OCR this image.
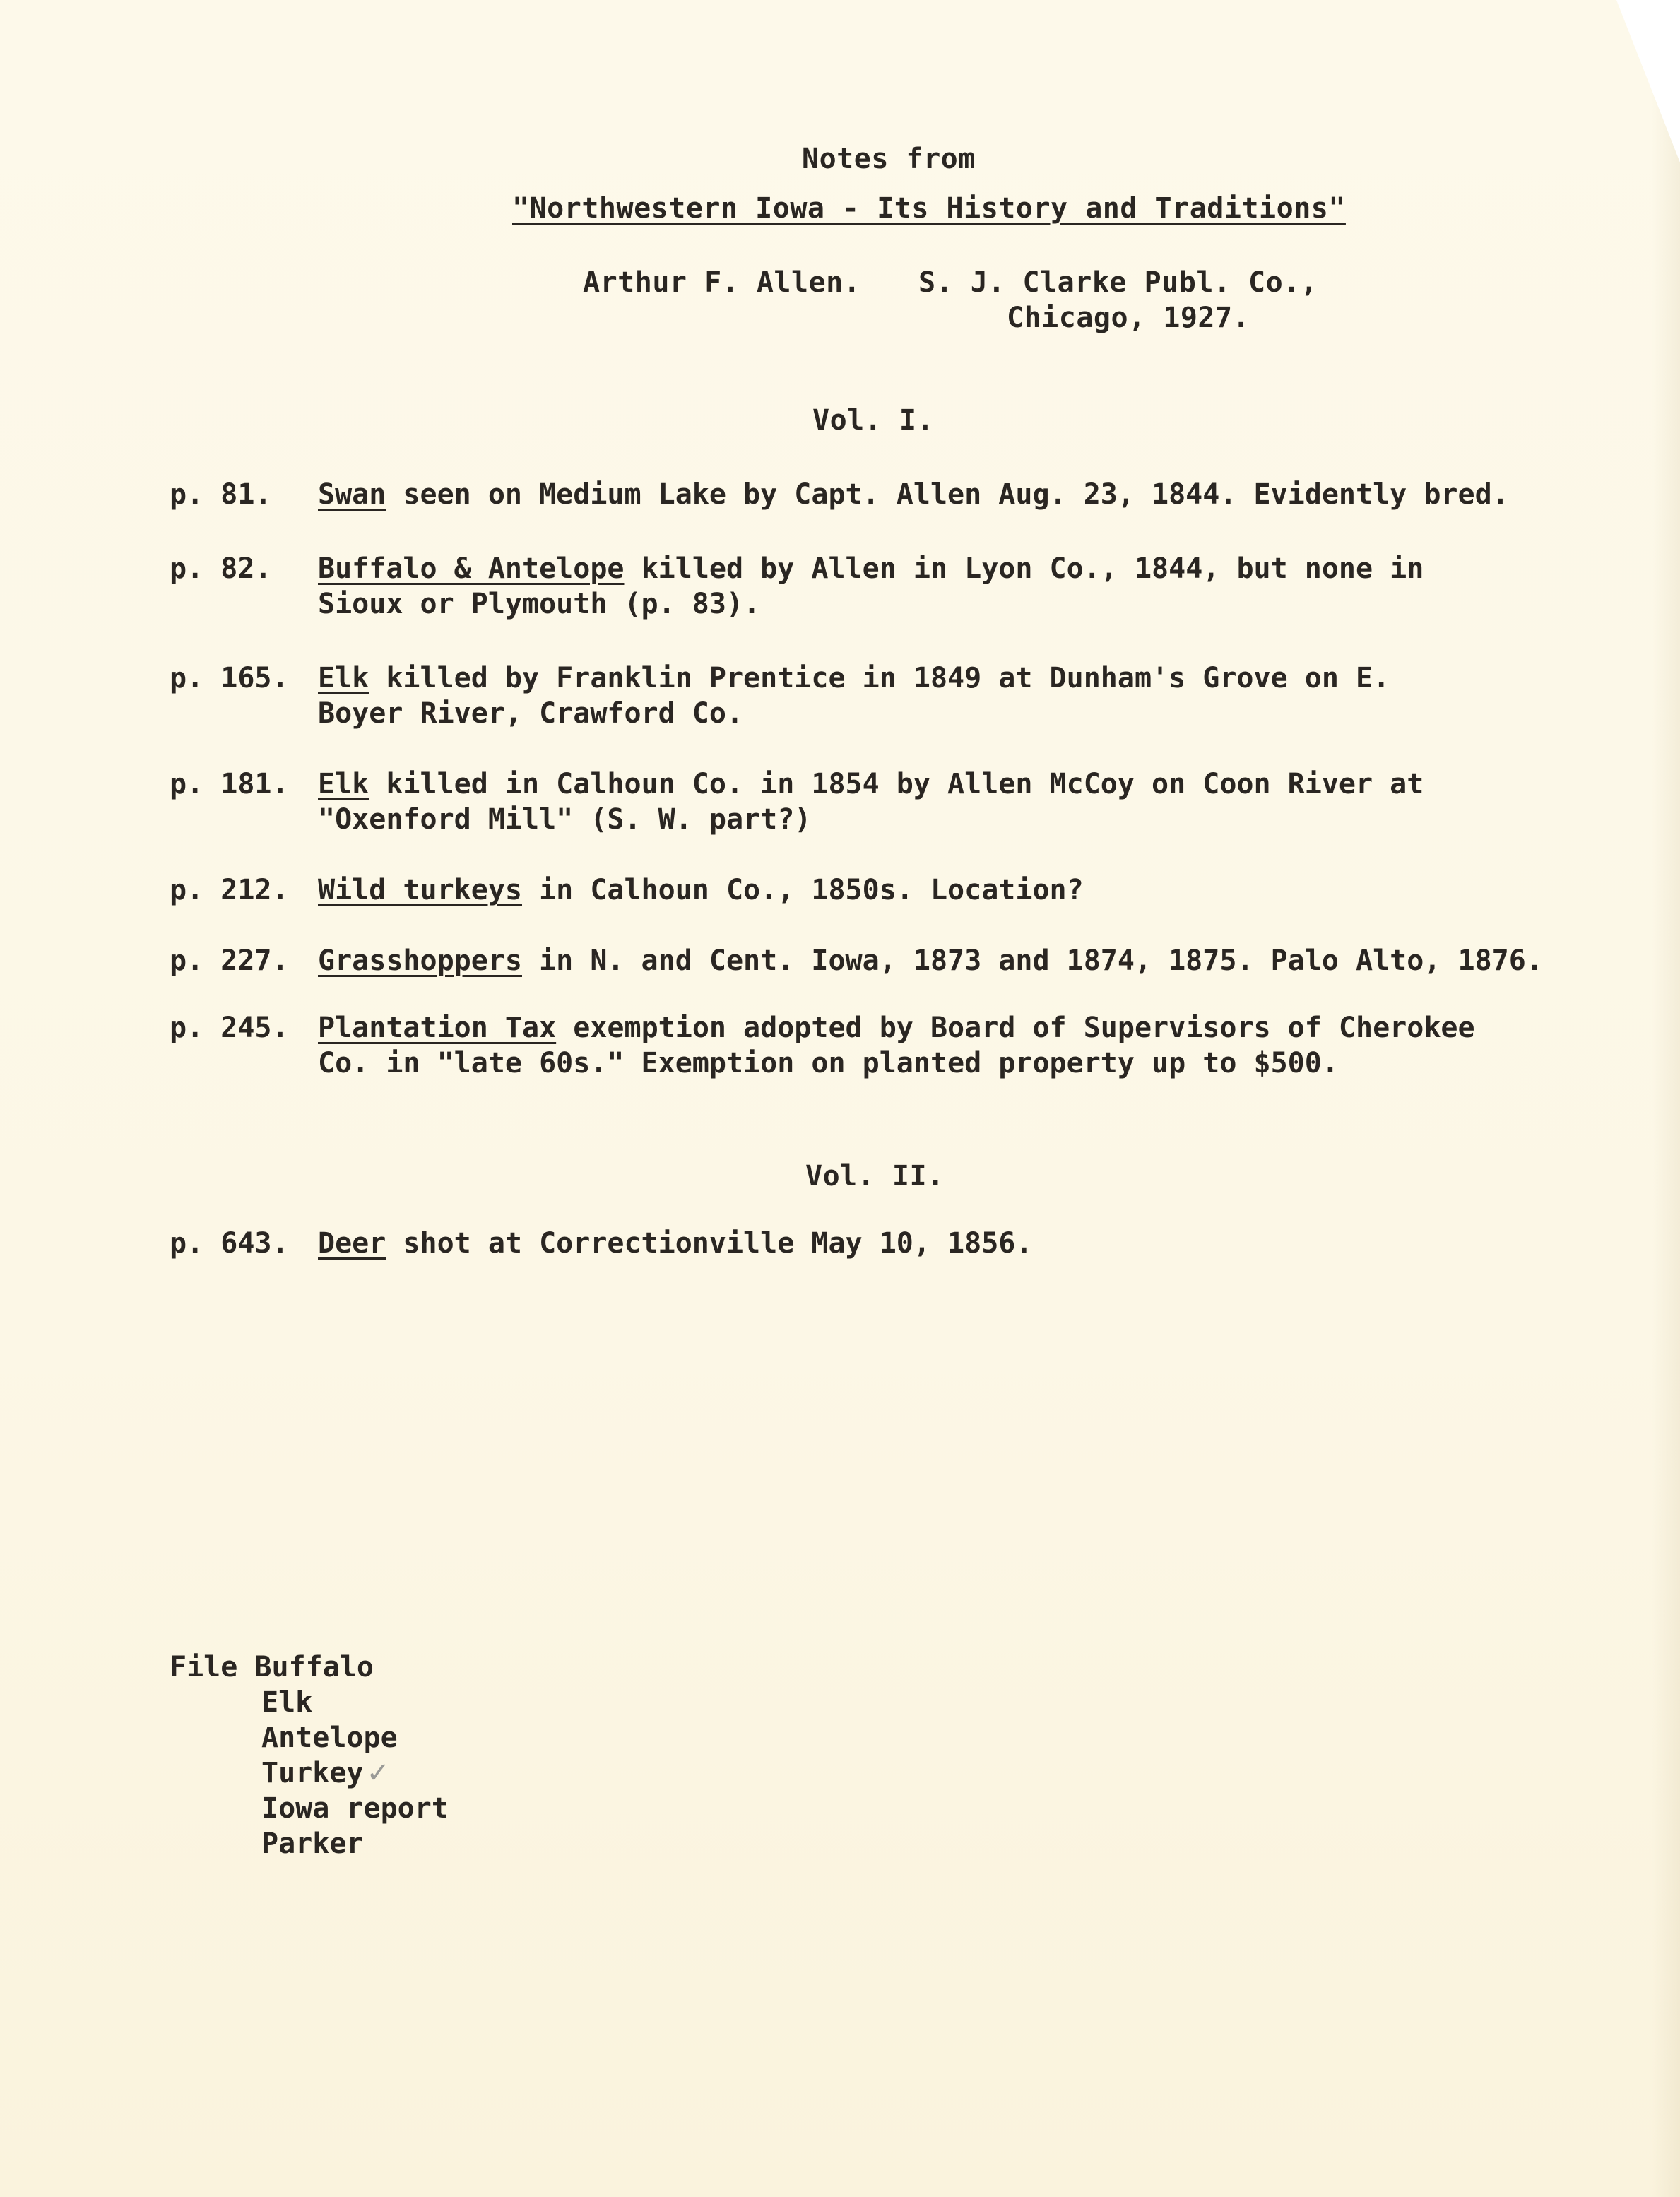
Notes from
"Northwestern Iowa - Its History and Traditions"
Arthur F. Allen. S. J. Clarke Publ. Co.,
Chicago, 1927.
Vol. I.
p. 81. Swan seen on Medium Lake by Capt. Allen Aug. 23, 1844. Evidently bred.
p. 82. Buffalo & Antelope killed by Allen in Lyon Co., 1844, but none in
Sioux or Plymouth (p. 83).
p. 165. Elk killed by Franklin Prentice in 1849 at Dunham's Grove on E.
Boyer River, Crawford Co.
p. 181. Elk killed in Calhoun Co. in 1854 by Allen McCoy on Coon River at
"Oxenford Mill" (S. W. part?)
p. 212. Wild turkeys in Calhoun Co., 1850s. Location?
p. 227. Grasshoppers in N. and Cent. Iowa, 1873 and 1874, 1875. Palo Alto, 1876.
p. 245. Plantation Tax exemption adopted by Board of Supervisors of Cherokee
Co. in "late 60s." Exemption on planted property up to $500.
Vol. II.
p. 643. Deer shot at Correctionville May 10, 1856.
File Buffalo
Elk
Antelope
Turkey ✓
Iowa report
Parker
